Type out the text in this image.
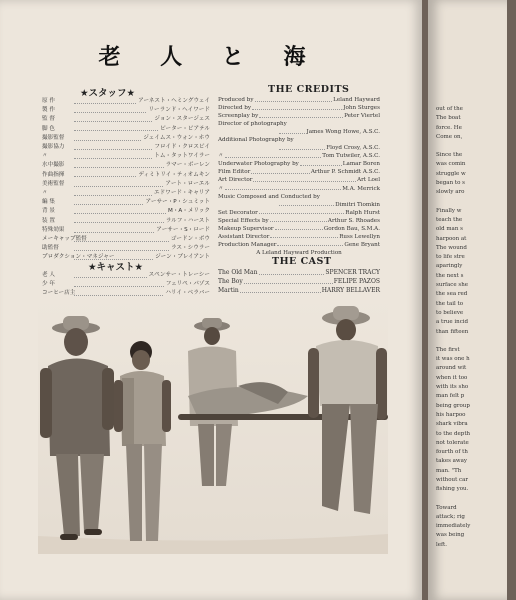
老 人 と 海
★スタッフ★
原 作	アーネスト・ヘミングウェイ
製 作	リーランド・ヘイワード
監 督	ジョン・スタージェス
脚 色	ピーター・ビアテル
撮影監督	ジェイムス・ウォン・ホウ
撮影協力	フロイド・クロスビイ
〃	トム・タットワイラー
水中撮影	ラマー・ボーレン
作曲指揮	ディミトリイ・ティオムキン
美術監督	アート・ローエル
〃	エドワード・キャリア
編 集	アーサー・P・シュミット
背 景	M・A・メリック
装 置	ラルフ・ハースト
特殊効果	アーサー・S・ロード
メーキャップ監督	ゴードン・ボウ
助監督	ラス・シウラー
プロダクション・マネジャー	ジーン・ブレイアント
THE CREDITS
Produced by	Leland Hayward
Directed by	John Sturges
Screenplay by	Peter Viertel
Director of photography
James Wong Howe, A.S.C.
Additional Photography by
Floyd Crosy, A.S.C.
〃	Tom Tutwiler, A.S.C.
Underwater Photography by	Lamar Boren
Film Editor	Arthur P. Schmidt A.S.C.
Art Director	Art Loel
〃	M.A. Merrick
Music Composed and Conducted by
Dimitri Tiomkin
Set Decorator	Ralph Hurst
Special Effects by	Arthur S. Rhoades
Makeup Supervisor	Gordon Bau, S.M.A.
Assistant Director	Russ Lewellyn
Production Manager	Gene Bryant
A Leland Hayward Production
★キャスト★
老 人	スペンサー・トレーシー
少 年	フェリペ・パゾス
コーヒー店主	ハリイ・ベラバー
THE CAST
The Old Man	SPENCER TRACY
The Boy	FELIPE PAZOS
Martin	HARRY BELLAVER
out of the
The boat
force. He
Come on,
Since the
was comin
struggle w
began to s
slowly aro
Finally w
teach the
old man s
harpoon at
The wound
to life stre
aparingly
the next s
surface she
the sea red
the tail to
to believe
a true incid
than fifteen
The first
it was one h
around wit
when it too
with its sho
man felt p
being group
his harpoo
shark vibra
to the depth
not tolerate
fourth of th
takes away
man. "Th
without car
fishing you.
Toward
attack; rig
immediately
was being
left.
